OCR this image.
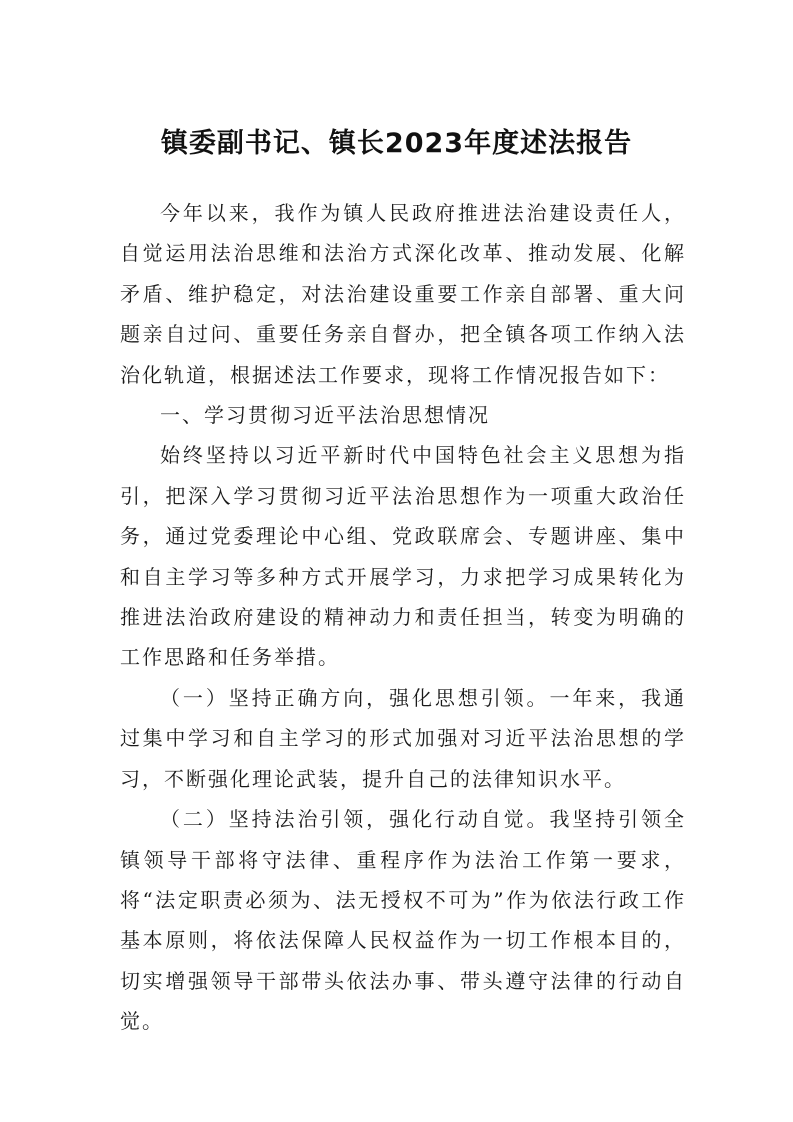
镇委副书记、镇长2023年度述法报告

今年以来，我作为镇人民政府推进法治建设责任人，自觉运用法治思维和法治方式深化改革、推动发展、化解矛盾、维护稳定，对法治建设重要工作亲自部署、重大问题亲自过问、重要任务亲自督办，把全镇各项工作纳入法治化轨道，根据述法工作要求，现将工作情况报告如下：

一、学习贯彻习近平法治思想情况

始终坚持以习近平新时代中国特色社会主义思想为指引，把深入学习贯彻习近平法治思想作为一项重大政治任务，通过党委理论中心组、党政联席会、专题讲座、集中和自主学习等多种方式开展学习，力求把学习成果转化为推进法治政府建设的精神动力和责任担当，转变为明确的工作思路和任务举措。

（一）坚持正确方向，强化思想引领。一年来，我通过集中学习和自主学习的形式加强对习近平法治思想的学习，不断强化理论武装，提升自己的法律知识水平。

（二）坚持法治引领，强化行动自觉。我坚持引领全镇领导干部将守法律、重程序作为法治工作第一要求，将“法定职责必须为、法无授权不可为”作为依法行政工作基本原则，将依法保障人民权益作为一切工作根本目的，切实增强领导干部带头依法办事、带头遵守法律的行动自觉。
